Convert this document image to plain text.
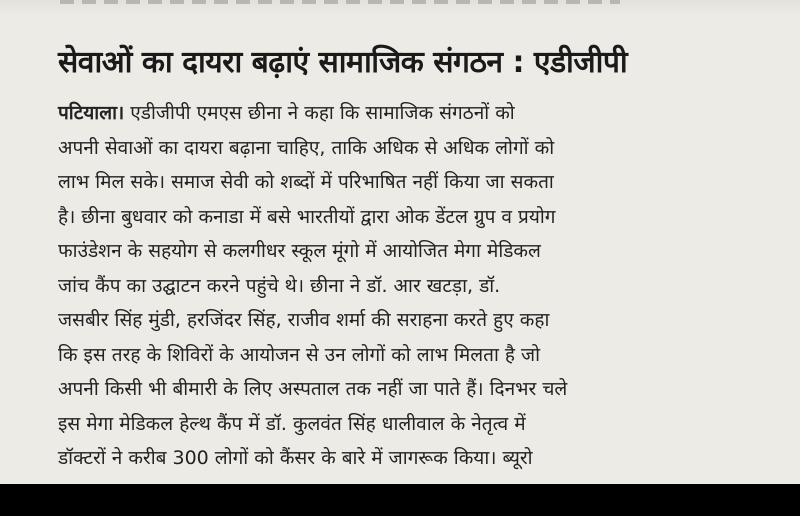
सेवाओं का दायरा बढ़ाएं सामाजिक संगठन : एडीजीपी
पटियाला। एडीजीपी एमएस छीना ने कहा कि सामाजिक संगठनों को
अपनी सेवाओं का दायरा बढ़ाना चाहिए, ताकि अधिक से अधिक लोगों को
लाभ मिल सके। समाज सेवी को शब्दों में परिभाषित नहीं किया जा सकता
है। छीना बुधवार को कनाडा में बसे भारतीयों द्वारा ओक डेंटल ग्रुप व प्रयोग
फाउंडेशन के सहयोग से कलगीधर स्कूल मूंगो में आयोजित मेगा मेडिकल
जांच कैंप का उद्घाटन करने पहुंचे थे। छीना ने डॉ. आर खटड़ा, डॉ.
जसबीर सिंह मुंडी, हरजिंदर सिंह, राजीव शर्मा की सराहना करते हुए कहा
कि इस तरह के शिविरों के आयोजन से उन लोगों को लाभ मिलता है जो
अपनी किसी भी बीमारी के लिए अस्पताल तक नहीं जा पाते हैं। दिनभर चले
इस मेगा मेडिकल हेल्थ कैंप में डॉ. कुलवंत सिंह धालीवाल के नेतृत्व में
डॉक्टरों ने करीब 300 लोगों को कैंसर के बारे में जागरूक किया। ब्यूरो
